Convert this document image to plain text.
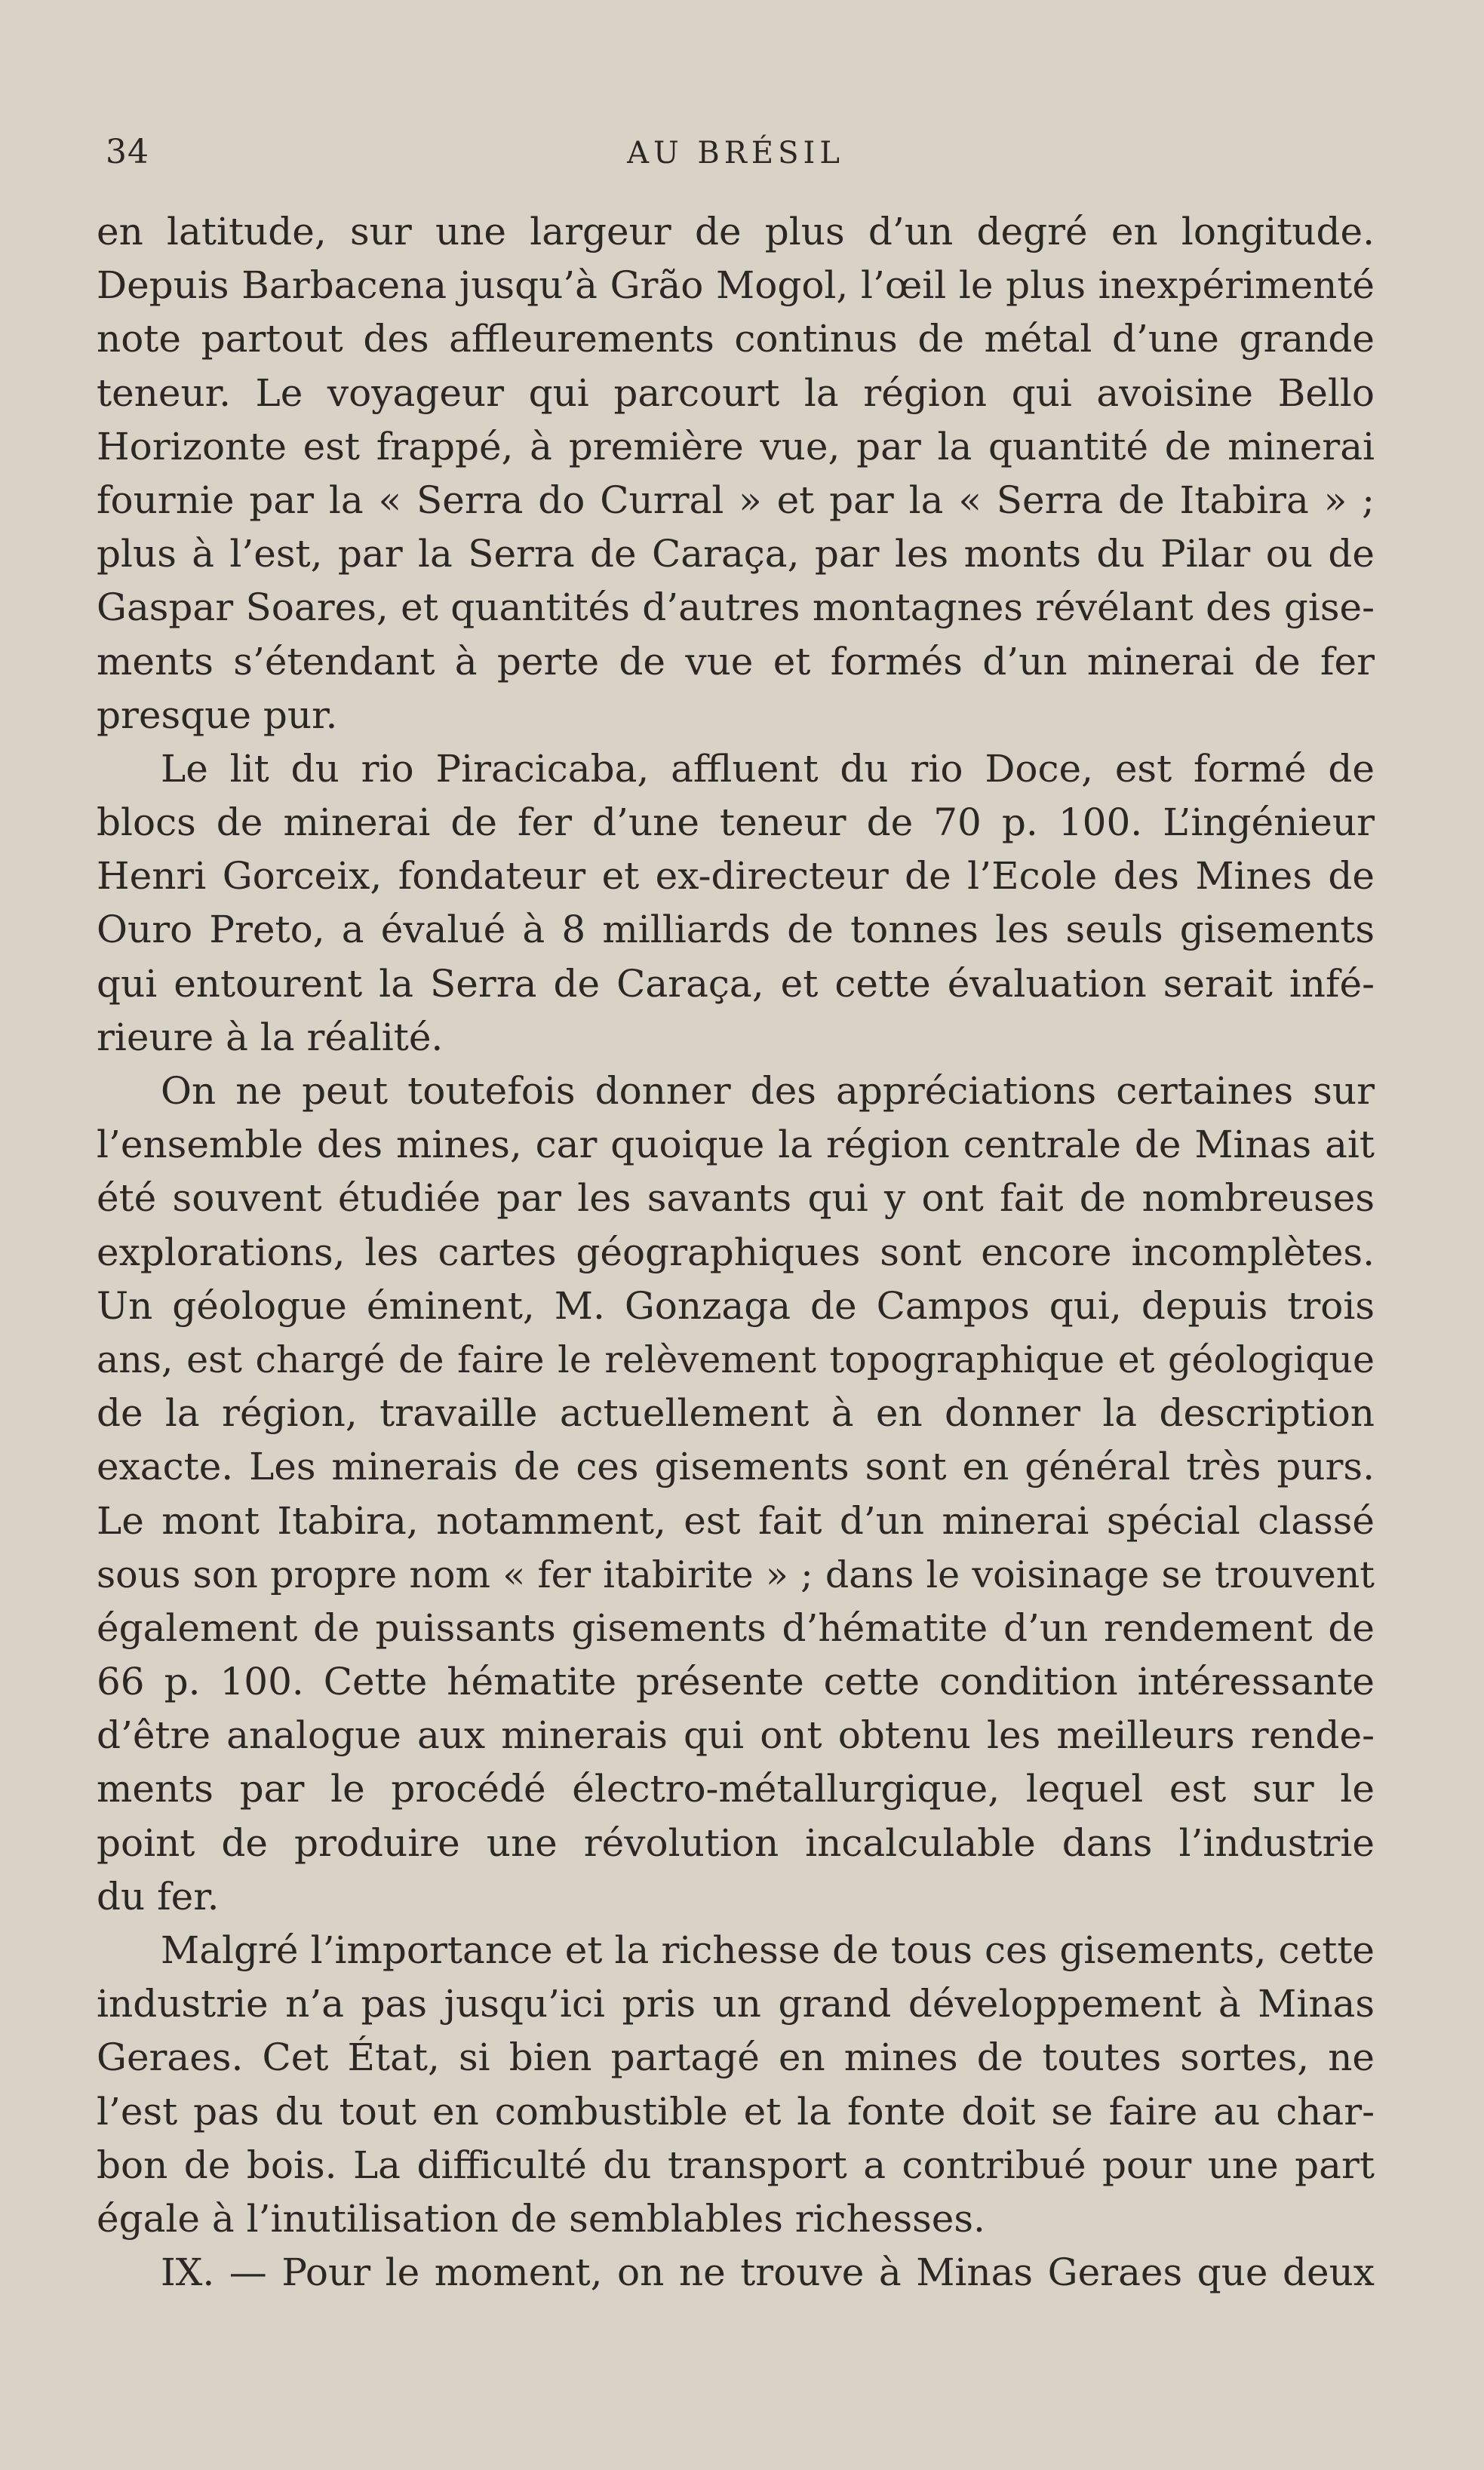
34	AU BRÉSIL
en latitude, sur une largeur de plus d’un degré en longitude.
Depuis Barbacena jusqu’à Grão Mogol, l’œil le plus inexpérimenté
note partout des affleurements continus de métal d’une grande
teneur. Le voyageur qui parcourt la région qui avoisine Bello
Horizonte est frappé, à première vue, par la quantité de minerai
fournie par la « Serra do Curral » et par la « Serra de Itabira » ;
plus à l’est, par la Serra de Caraça, par les monts du Pilar ou de
Gaspar Soares, et quantités d’autres montagnes révélant des gise-
ments s’étendant à perte de vue et formés d’un minerai de fer
presque pur.
Le lit du rio Piracicaba, affluent du rio Doce, est formé de
blocs de minerai de fer d’une teneur de 70 p. 100. L’ingénieur
Henri Gorceix, fondateur et ex-directeur de l’Ecole des Mines de
Ouro Preto, a évalué à 8 milliards de tonnes les seuls gisements
qui entourent la Serra de Caraça, et cette évaluation serait infé-
rieure à la réalité.
On ne peut toutefois donner des appréciations certaines sur
l’ensemble des mines, car quoique la région centrale de Minas ait
été souvent étudiée par les savants qui y ont fait de nombreuses
explorations, les cartes géographiques sont encore incomplètes.
Un géologue éminent, M. Gonzaga de Campos qui, depuis trois
ans, est chargé de faire le relèvement topographique et géologique
de la région, travaille actuellement à en donner la description
exacte. Les minerais de ces gisements sont en général très purs.
Le mont Itabira, notamment, est fait d’un minerai spécial classé
sous son propre nom « fer itabirite » ; dans le voisinage se trouvent
également de puissants gisements d’hématite d’un rendement de
66 p. 100. Cette hématite présente cette condition intéressante
d’être analogue aux minerais qui ont obtenu les meilleurs rende-
ments par le procédé électro-métallurgique, lequel est sur le
point de produire une révolution incalculable dans l’industrie
du fer.
Malgré l’importance et la richesse de tous ces gisements, cette
industrie n’a pas jusqu’ici pris un grand développement à Minas
Geraes. Cet État, si bien partagé en mines de toutes sortes, ne
l’est pas du tout en combustible et la fonte doit se faire au char-
bon de bois. La difficulté du transport a contribué pour une part
égale à l’inutilisation de semblables richesses.
IX. — Pour le moment, on ne trouve à Minas Geraes que deux
